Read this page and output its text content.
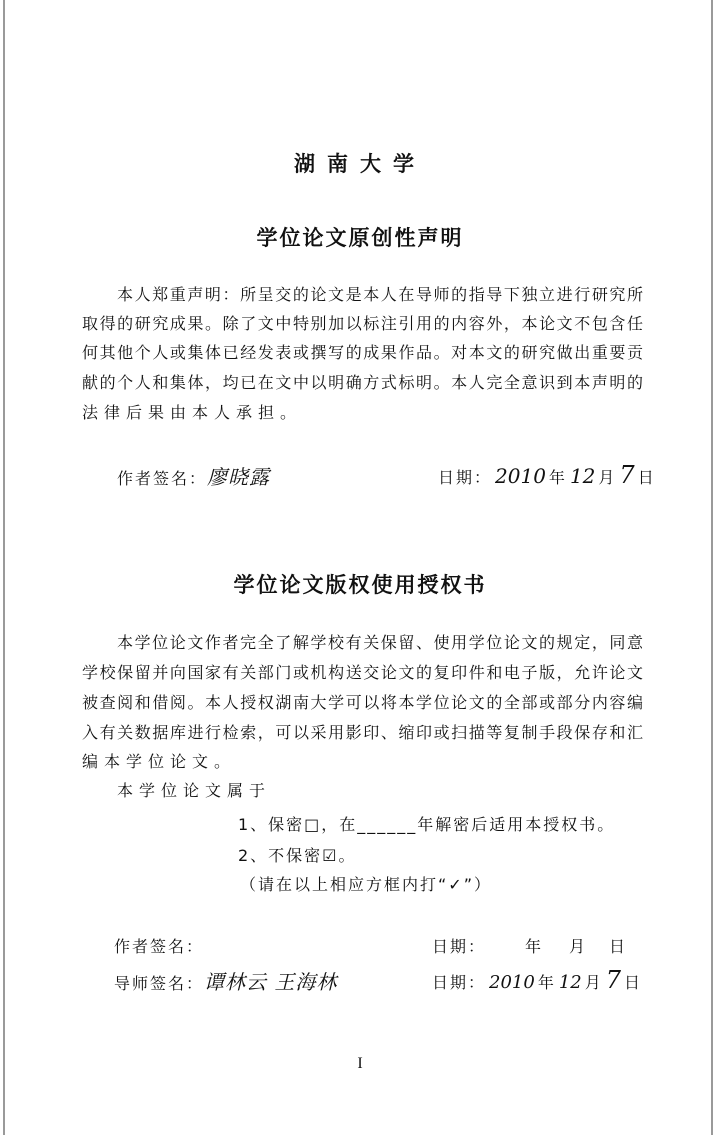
湖南大学
学位论文原创性声明
本人郑重声明：所呈交的论文是本人在导师的指导下独立进行研究所
取得的研究成果。除了文中特别加以标注引用的内容外，本论文不包含任
何其他个人或集体已经发表或撰写的成果作品。对本文的研究做出重要贡
献的个人和集体，均已在文中以明确方式标明。本人完全意识到本声明的
法律后果由本人承担。
作者签名： 廖晓露	日期： 2010 年 12 月 7 日
学位论文版权使用授权书
本学位论文作者完全了解学校有关保留、使用学位论文的规定，同意
学校保留并向国家有关部门或机构送交论文的复印件和电子版，允许论文
被查阅和借阅。本人授权湖南大学可以将本学位论文的全部或部分内容编
入有关数据库进行检索，可以采用影印、缩印或扫描等复制手段保存和汇
编本学位论文。
本学位论文属于
1、保密□，在______年解密后适用本授权书。
2、不保密☑。
（请在以上相应方框内打“✓”）
作者签名：	日期： 年 月 日
导师签名： 谭林云 王海林	日期： 2010 年 12 月 7 日
I
